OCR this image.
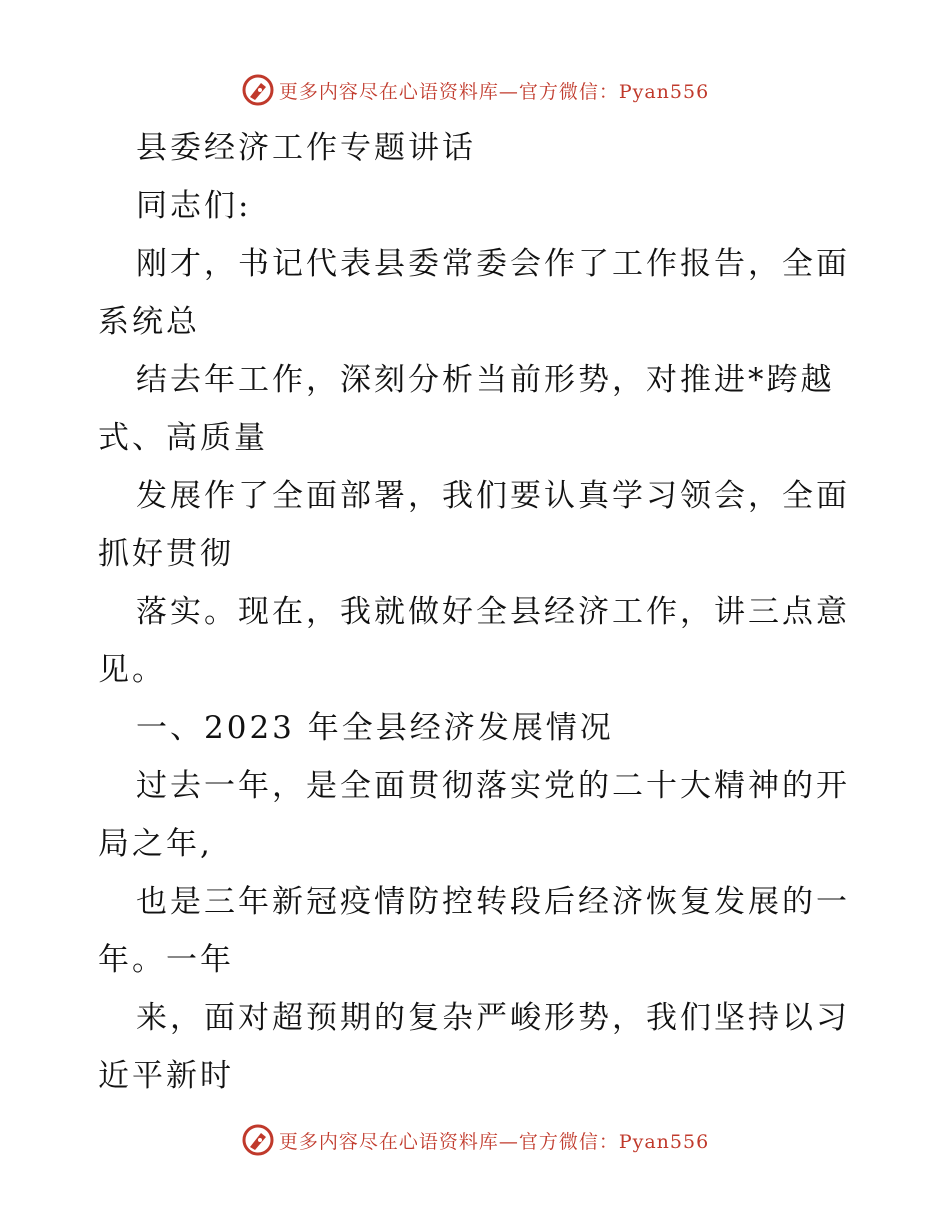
更多内容尽在心语资料库—官方微信：Pyan556

县委经济工作专题讲话

同志们:

刚才，书记代表县委常委会作了工作报告，全面

系统总

结去年工作，深刻分析当前形势，对推进*跨越

式、高质量

发展作了全面部署，我们要认真学习领会，全面

抓好贯彻

落实。现在，我就做好全县经济工作，讲三点意

见。

一、2023 年全县经济发展情况

过去一年，是全面贯彻落实党的二十大精神的开

局之年,

也是三年新冠疫情防控转段后经济恢复发展的一

年。一年

来，面对超预期的复杂严峻形势，我们坚持以习

近平新时

更多内容尽在心语资料库—官方微信：Pyan556
